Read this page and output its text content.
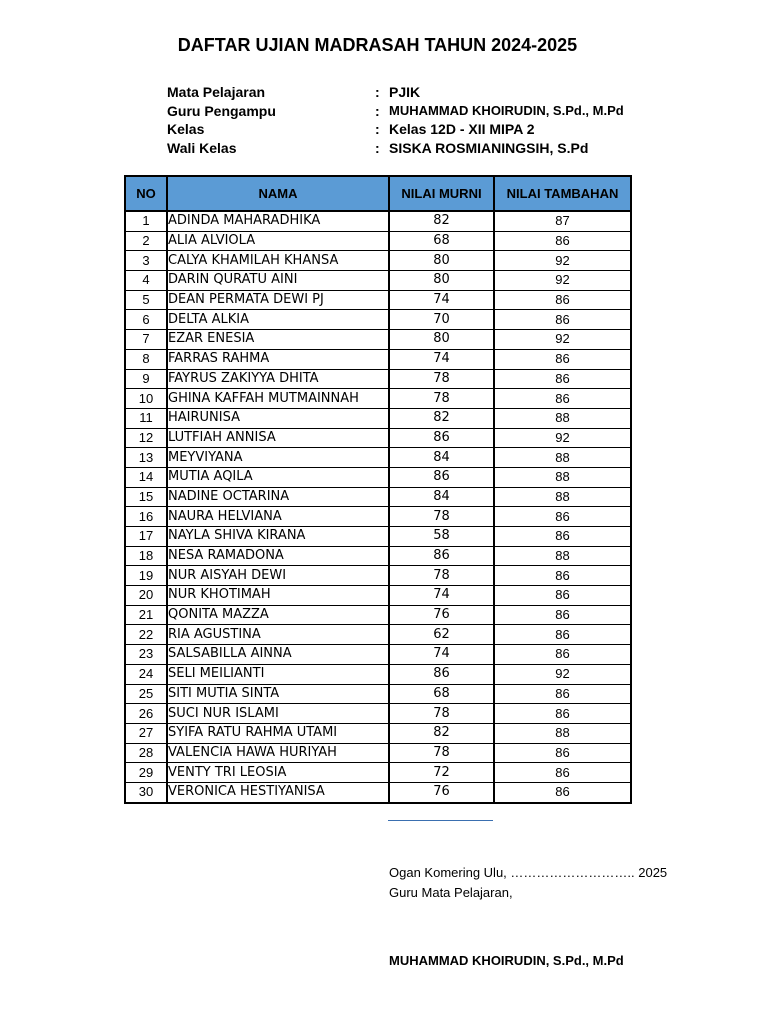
DAFTAR UJIAN MADRASAH TAHUN 2024-2025
Mata Pelajaran	: PJIK
Guru Pengampu	: MUHAMMAD KHOIRUDIN, S.Pd., M.Pd
Kelas	: Kelas 12D - XII MIPA 2
Wali Kelas	: SISKA ROSMIANINGSIH, S.Pd
NO	NAMA	NILAI MURNI	NILAI TAMBAHAN
1	ADINDA MAHARADHIKA	82	87
2	ALIA ALVIOLA	68	86
3	CALYA KHAMILAH KHANSA	80	92
4	DARIN QURATU AINI	80	92
5	DEAN PERMATA DEWI PJ	74	86
6	DELTA ALKIA	70	86
7	EZAR ENESIA	80	92
8	FARRAS RAHMA	74	86
9	FAYRUS ZAKIYYA DHITA	78	86
10	GHINA KAFFAH MUTMAINNAH	78	86
11	HAIRUNISA	82	88
12	LUTFIAH ANNISA	86	92
13	MEYVIYANA	84	88
14	MUTIA AQILA	86	88
15	NADINE OCTARINA	84	88
16	NAURA HELVIANA	78	86
17	NAYLA SHIVA KIRANA	58	86
18	NESA RAMADONA	86	88
19	NUR AISYAH DEWI	78	86
20	NUR KHOTIMAH	74	86
21	QONITA MAZZA	76	86
22	RIA AGUSTINA	62	86
23	SALSABILLA AINNA	74	86
24	SELI MEILIANTI	86	92
25	SITI MUTIA SINTA	68	86
26	SUCI NUR ISLAMI	78	86
27	SYIFA RATU RAHMA UTAMI	82	88
28	VALENCIA HAWA HURIYAH	78	86
29	VENTY TRI LEOSIA	72	86
30	VERONICA HESTIYANISA	76	86
Ogan Komering Ulu, ……………………….. 2025
Guru Mata Pelajaran,
MUHAMMAD KHOIRUDIN, S.Pd., M.Pd
